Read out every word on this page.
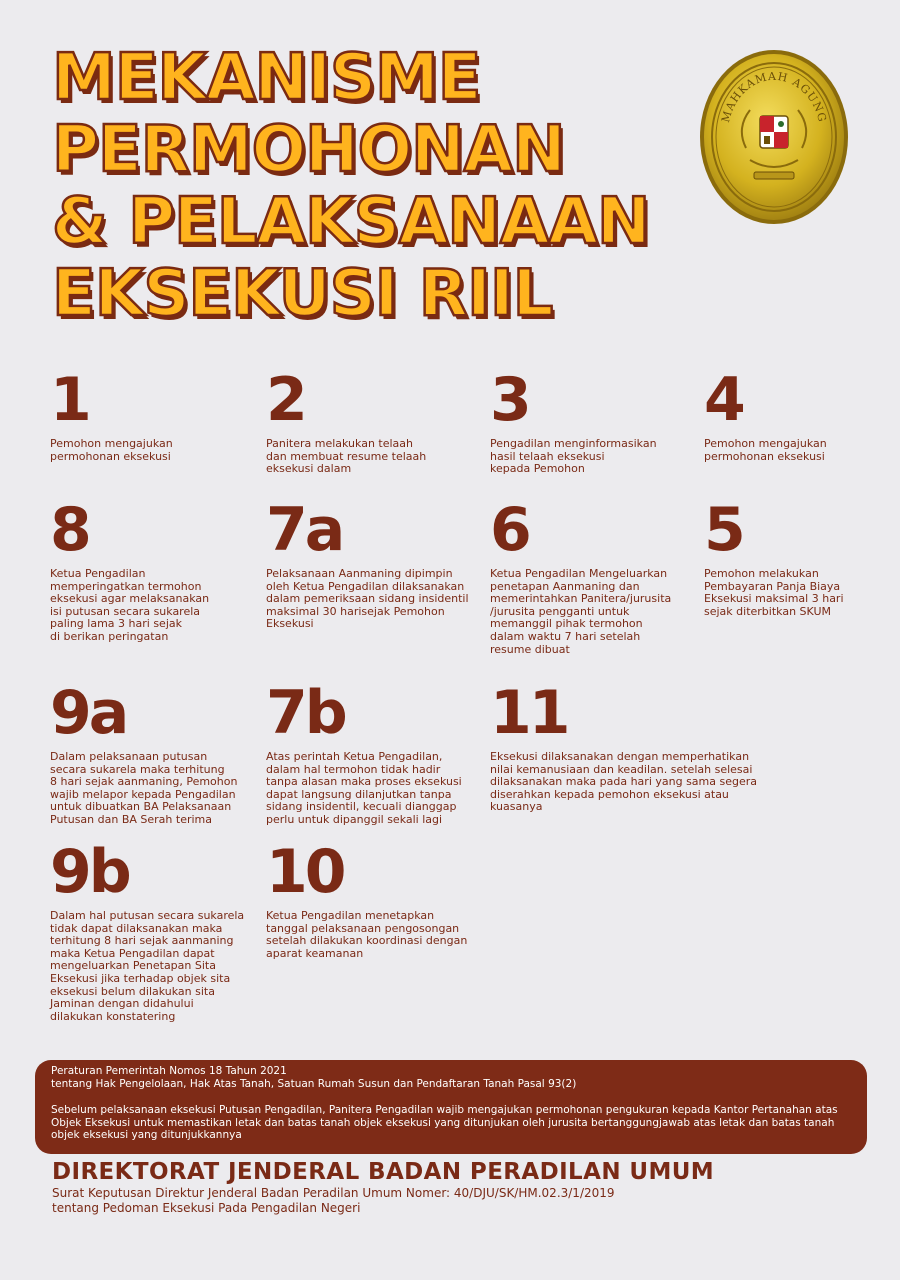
MEKANISME
PERMOHONAN
& PELAKSANAAN
EKSEKUSI RIIL
MAHKAMAH AGUNG
1
Pemohon mengajukan
permohonan eksekusi
2
Panitera melakukan telaah
dan membuat resume telaah
eksekusi dalam
3
Pengadilan menginformasikan
hasil telaah eksekusi
kepada Pemohon
4
Pemohon mengajukan
permohonan eksekusi
8
Ketua Pengadilan
memperingatkan termohon
eksekusi agar melaksanakan
isi putusan secara sukarela
paling lama 3 hari sejak
di berikan peringatan
7a
Pelaksanaan Aanmaning dipimpin
oleh Ketua Pengadilan dilaksanakan
dalam pemeriksaan sidang insidentil
maksimal 30 harisejak Pemohon
Eksekusi
6
Ketua Pengadilan Mengeluarkan
penetapan Aanmaning dan
memerintahkan Panitera/jurusita
/jurusita pengganti untuk
memanggil pihak termohon
dalam waktu 7 hari setelah
resume dibuat
5
Pemohon melakukan
Pembayaran Panja Biaya
Eksekusi maksimal 3 hari
sejak diterbitkan SKUM
9a
Dalam pelaksanaan putusan
secara sukarela maka terhitung
8 hari sejak aanmaning, Pemohon
wajib melapor kepada Pengadilan
untuk dibuatkan BA Pelaksanaan
Putusan dan BA Serah terima
7b
Atas perintah Ketua Pengadilan,
dalam hal termohon tidak hadir
tanpa alasan maka proses eksekusi
dapat langsung dilanjutkan tanpa
sidang insidentil, kecuali dianggap
perlu untuk dipanggil sekali lagi
11
Eksekusi dilaksanakan dengan memperhatikan
nilai kemanusiaan dan keadilan. setelah selesai
dilaksanakan maka pada hari yang sama segera
diserahkan kepada pemohon eksekusi atau
kuasanya
9b
Dalam hal putusan secara sukarela
tidak dapat dilaksanakan maka
terhitung 8 hari sejak aanmaning
maka Ketua Pengadilan dapat
mengeluarkan Penetapan Sita
Eksekusi jika terhadap objek sita
eksekusi belum dilakukan sita
Jaminan dengan didahului
dilakukan konstatering
10
Ketua Pengadilan menetapkan
tanggal pelaksanaan pengosongan
setelah dilakukan koordinasi dengan
aparat keamanan

Peraturan Pemerintah Nomos 18 Tahun 2021

tentang Hak Pengelolaan, Hak Atas Tanah, Satuan Rumah Susun dan Pendaftaran Tanah Pasal 93(2)

Sebelum pelaksanaan eksekusi Putusan Pengadilan, Panitera Pengadilan wajib mengajukan permohonan pengukuran kepada Kantor Pertanahan atas Objek Eksekusi untuk memastikan letak dan batas tanah objek eksekusi yang ditunjukan oleh jurusita bertanggungjawab atas letak dan batas tanah objek eksekusi yang ditunjukkannya

DIREKTORAT JENDERAL BADAN PERADILAN UMUM
Surat Keputusan Direktur Jenderal Badan Peradilan Umum Nomer: 40/DJU/SK/HM.02.3/1/2019
tentang Pedoman Eksekusi Pada Pengadilan Negeri
